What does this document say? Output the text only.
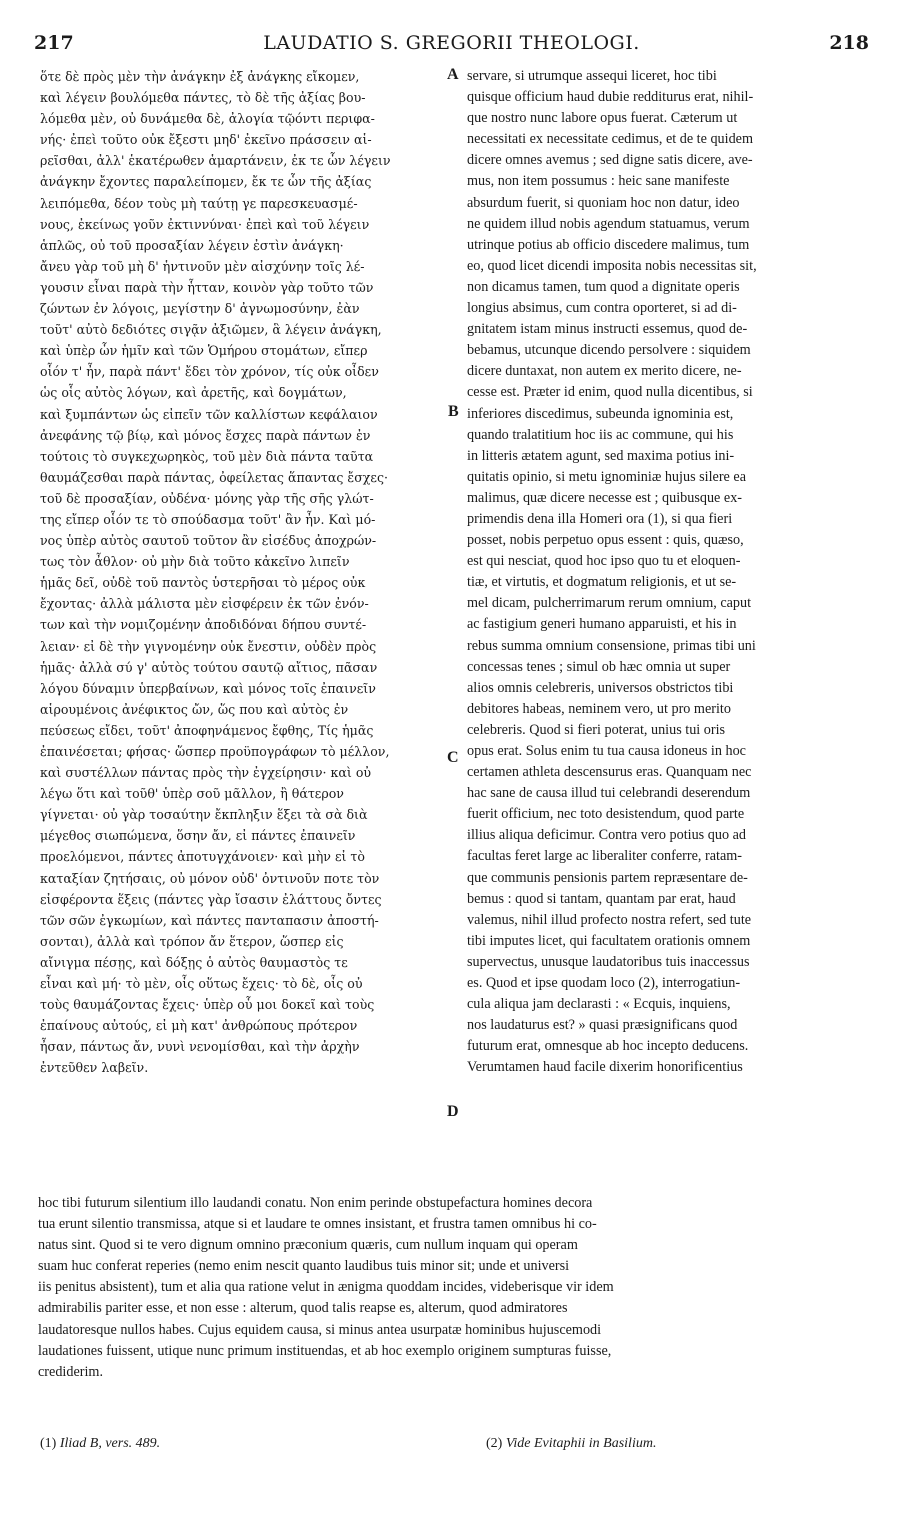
217	LAUDATIO S. GREGORII THEOLOGI.	218
ὅτε δὲ πρὸς μὲν τὴν ἀνάγκην ἐξ ἀνάγκης εἴκομεν,
καὶ λέγειν βουλόμεθα πάντες, τὸ δὲ τῆς ἀξίας βου-
λόμεθα μὲν, οὐ δυνάμεθα δὲ, ἀλογία τῷόντι περιφα-
νής· ἐπεὶ τοῦτο οὐκ ἔξεστι μηδ' ἐκεῖνο πράσσειν αἱ-
ρεῖσθαι, ἀλλ' ἑκατέρωθεν ἁμαρτάνειν, ἐκ τε ὧν λέγειν
ἀνάγκην ἔχοντες παραλείπομεν, ἔκ τε ὧν τῆς ἀξίας
λειπόμεθα, δέον τοὺς μὴ ταύτῃ γε παρεσκευασμέ-
νους, ἐκείνως γοῦν ἐκτιννύναι· ἐπεὶ καὶ τοῦ λέγειν
ἁπλῶς, οὐ τοῦ προσαξίαν λέγειν ἐστὶν ἀνάγκη·
ἄνευ γὰρ τοῦ μὴ δ' ἡντινοῦν μὲν αἰσχύνην τοῖς λέ-
γουσιν εἶναι παρὰ τὴν ἧτταν, κοινὸν γὰρ τοῦτο τῶν
ζώντων ἐν λόγοις, μεγίστην δ' ἀγνωμοσύνην, ἐὰν
τοῦτ' αὐτὸ δεδιότες σιγᾷν ἀξιῶμεν, ἃ λέγειν ἀνάγκη,
καὶ ὑπὲρ ὧν ἡμῖν καὶ τῶν Ὁμήρου στομάτων, εἴπερ
οἷόν τ' ἦν, παρὰ πάντ' ἔδει τὸν χρόνον, τίς οὐκ οἶδεν
ὡς οἷς αὐτὸς λόγων, καὶ ἀρετῆς, καὶ δογμάτων,
καὶ ξυμπάντων ὡς εἰπεῖν τῶν καλλίστων κεφάλαιον
ἀνεφάνης τῷ βίῳ, καὶ μόνος ἔσχες παρὰ πάντων ἐν
τούτοις τὸ συγκεχωρηκὸς, τοῦ μὲν διὰ πάντα ταῦτα
θαυμάζεσθαι παρὰ πάντας, ὀφείλετας ἅπαντας ἔσχες·
τοῦ δὲ προσαξίαν, οὐδένα· μόνης γὰρ τῆς σῆς γλώτ-
της εἴπερ οἷόν τε τὸ σπούδασμα τοῦτ' ἂν ἦν. Καὶ μό-
νος ὑπὲρ αὐτὸς σαυτοῦ τοῦτον ἂν εἰσέδυς ἀποχρών-
τως τὸν ἆθλον· οὐ μὴν διὰ τοῦτο κἀκεῖνο λιπεῖν
ἡμᾶς δεῖ, οὐδὲ τοῦ παντὸς ὑστερῆσαι τὸ μέρος οὐκ
ἔχοντας· ἀλλὰ μάλιστα μὲν εἰσφέρειν ἐκ τῶν ἐνόν-
των καὶ τὴν νομιζομένην ἀποδιδόναι δήπου συντέ-
λειαν· εἰ δὲ τὴν γιγνομένην οὐκ ἔνεστιν, οὐδὲν πρὸς
ἡμᾶς· ἀλλὰ σύ γ' αὐτὸς τούτου σαυτῷ αἴτιος, πᾶσαν
λόγου δύναμιν ὑπερβαίνων, καὶ μόνος τοῖς ἐπαινεῖν
αἱρουμένοις ἀνέφικτος ὤν, ὥς που καὶ αὐτὸς ἐν
πεύσεως εἴδει, τοῦτ' ἀποφηνάμενος ἔφθης, Τίς ἡμᾶς
ἐπαινέσεται; φήσας· ὥσπερ προϋπογράφων τὸ μέλλον,
καὶ συστέλλων πάντας πρὸς τὴν ἐγχείρησιν· καὶ οὐ
λέγω ὅτι καὶ τοῦθ' ὑπὲρ σοῦ μᾶλλον, ἢ θάτερον
γίγνεται· οὐ γὰρ τοσαύτην ἔκπληξιν ἕξει τὰ σὰ διὰ
μέγεθος σιωπώμενα, ὅσην ἄν, εἰ πάντες ἐπαινεῖν
προελόμενοι, πάντες ἀποτυγχάνοιεν· καὶ μὴν εἰ τὸ
καταξίαν ζητήσαις, οὐ μόνον οὐδ' ὀντινοῦν ποτε τὸν
εἰσφέροντα ἕξεις (πάντες γὰρ ἴσασιν ἐλάττους ὄντες
τῶν σῶν ἐγκωμίων, καὶ πάντες πανταπασιν ἀποστή-
σονται), ἀλλὰ καὶ τρόπον ἄν ἕτερον, ὥσπερ εἰς
αἴνιγμα πέσῃς, καὶ δόξῃς ὁ αὐτὸς θαυμαστὸς τε
εἶναι καὶ μή· τὸ μὲν, οἷς οὕτως ἔχεις· τὸ δὲ, οἷς οὐ
τοὺς θαυμάζοντας ἔχεις· ὑπὲρ οὗ μοι δοκεῖ καὶ τοὺς
ἐπαίνους αὐτούς, εἰ μὴ κατ' ἀνθρώπους πρότερον
ἦσαν, πάντως ἄν, νυνὶ νενομίσθαι, καὶ τὴν ἀρχὴν
ἐντεῦθεν λαβεῖν.
A
B
C
D
servare, si utrumque assequi liceret, hoc tibi
quisque officium haud dubie redditurus erat, nihil-
que nostro nunc labore opus fuerat. Cæterum ut
necessitati ex necessitate cedimus, et de te quidem
dicere omnes avemus ; sed digne satis dicere, ave-
mus, non item possumus : heic sane manifeste
absurdum fuerit, si quoniam hoc non datur, ideo
ne quidem illud nobis agendum statuamus, verum
utrinque potius ab officio discedere malimus, tum
eo, quod licet dicendi imposita nobis necessitas sit,
non dicamus tamen, tum quod a dignitate operis
longius absimus, cum contra oporteret, si ad di-
gnitatem istam minus instructi essemus, quod de-
bebamus, utcunque dicendo persolvere : siquidem
dicere duntaxat, non autem ex merito dicere, ne-
cesse est. Præter id enim, quod nulla dicentibus, si
inferiores discedimus, subeunda ignominia est,
quando tralatitium hoc iis ac commune, qui his
in litteris ætatem agunt, sed maxima potius ini-
quitatis opinio, si metu ignominiæ hujus silere ea
malimus, quæ dicere necesse est ; quibusque ex-
primendis dena illa Homeri ora (1), si qua fieri
posset, nobis perpetuo opus essent : quis, quæso,
est qui nesciat, quod hoc ipso quo tu et eloquen-
tiæ, et virtutis, et dogmatum religionis, et ut se-
mel dicam, pulcherrimarum rerum omnium, caput
ac fastigium generi humano apparuisti, et his in
rebus summa omnium consensione, primas tibi uni
concessas tenes ; simul ob hæc omnia ut super
alios omnis celebreris, universos obstrictos tibi
debitores habeas, neminem vero, ut pro merito
celebreris. Quod si fieri poterat, unius tui oris
opus erat. Solus enim tu tua causa idoneus in hoc
certamen athleta descensurus eras. Quanquam nec
hac sane de causa illud tui celebrandi deserendum
fuerit officium, nec toto desistendum, quod parte
illius aliqua deficimur. Contra vero potius quo ad
facultas feret large ac liberaliter conferre, ratam-
que communis pensionis partem repræsentare de-
bemus : quod si tantam, quantam par erat, haud
valemus, nihil illud profecto nostra refert, sed tute
tibi imputes licet, qui facultatem orationis omnem
supervectus, unusque laudatoribus tuis inaccessus
es. Quod et ipse quodam loco (2), interrogatiun-
cula aliqua jam declarasti : « Ecquis, inquiens,
nos laudaturus est? » quasi præsignificans quod
futurum erat, omnesque ab hoc incepto deducens.
Verumtamen haud facile dixerim honorificentius
hoc tibi futurum silentium illo laudandi conatu. Non enim perinde obstupefactura homines decora
tua erunt silentio transmissa, atque si et laudare te omnes insistant, et frustra tamen omnibus hi co-
natus sint. Quod si te vero dignum omnino præconium quæris, cum nullum inquam qui operam
suam huc conferat reperies (nemo enim nescit quanto laudibus tuis minor sit; unde et universi
iis penitus absistent), tum et alia qua ratione velut in ænigma quoddam incides, videberisque vir idem
admirabilis pariter esse, et non esse : alterum, quod talis reapse es, alterum, quod admiratores
laudatoresque nullos habes. Cujus equidem causa, si minus antea usurpatæ hominibus hujuscemodi
laudationes fuissent, utique nunc primum instituendas, et ab hoc exemplo originem sumpturas fuisse,
crediderim.
(1) Iliad B, vers. 489.	(2) Vide Evitaphii in Basilium.
